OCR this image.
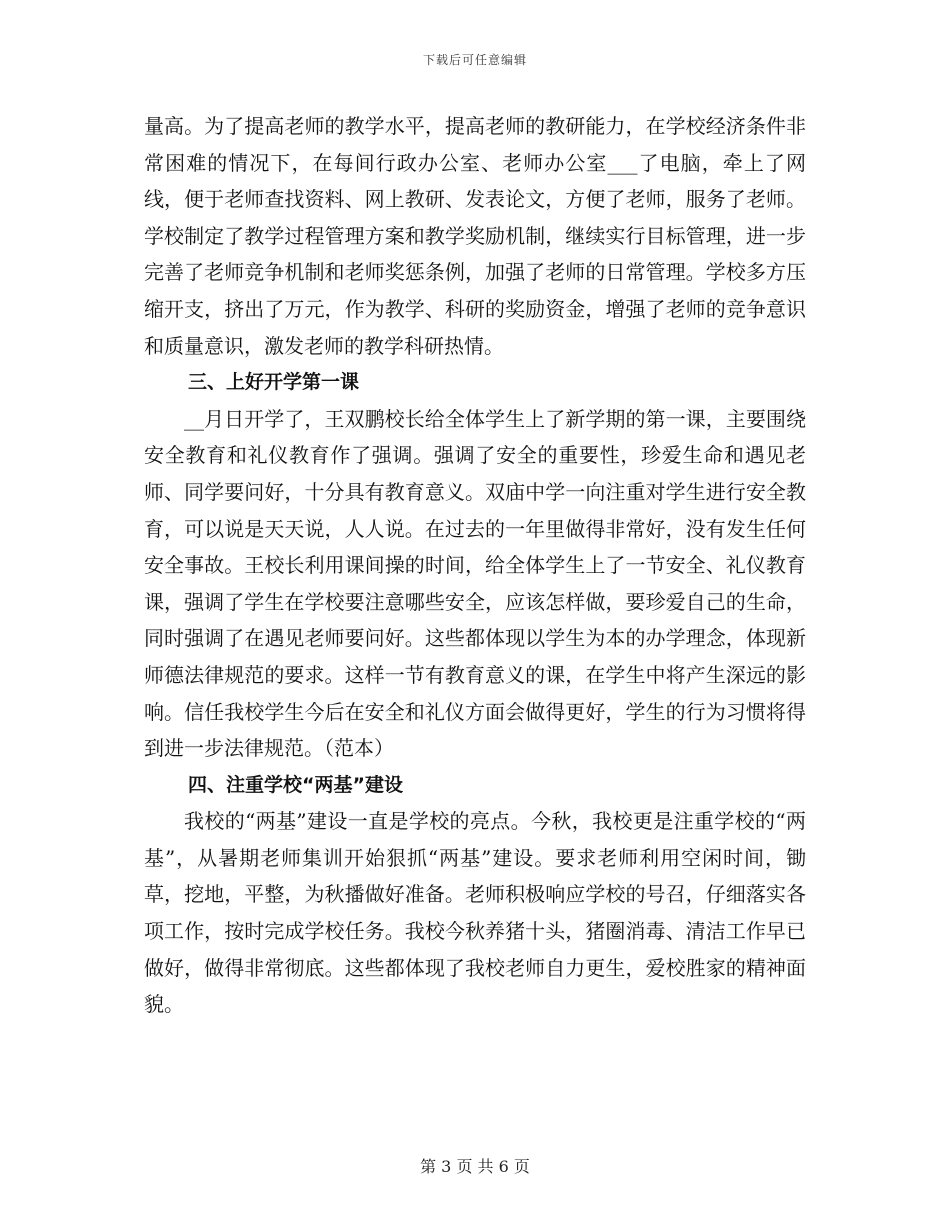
下载后可任意编辑

量高。为了提高老师的教学水平，提高老师的教研能力，在学校经济条件非常困难的情况下，在每间行政办公室、老师办公室___了电脑，牵上了网线，便于老师查找资料、网上教研、发表论文，方便了老师，服务了老师。学校制定了教学过程管理方案和教学奖励机制，继续实行目标管理，进一步完善了老师竞争机制和老师奖惩条例，加强了老师的日常管理。学校多方压缩开支，挤出了万元，作为教学、科研的奖励资金，增强了老师的竞争意识和质量意识，激发老师的教学科研热情。

三、上好开学第一课

__月日开学了，王双鹏校长给全体学生上了新学期的第一课，主要围绕安全教育和礼仪教育作了强调。强调了安全的重要性，珍爱生命和遇见老师、同学要问好，十分具有教育意义。双庙中学一向注重对学生进行安全教育，可以说是天天说，人人说。在过去的一年里做得非常好，没有发生任何安全事故。王校长利用课间操的时间，给全体学生上了一节安全、礼仪教育课，强调了学生在学校要注意哪些安全，应该怎样做，要珍爱自己的生命，同时强调了在遇见老师要问好。这些都体现以学生为本的办学理念，体现新师德法律规范的要求。这样一节有教育意义的课，在学生中将产生深远的影响。信任我校学生今后在安全和礼仪方面会做得更好，学生的行为习惯将得到进一步法律规范。（范本）

四、注重学校“两基”建设

我校的“两基”建设一直是学校的亮点。今秋，我校更是注重学校的“两基”，从暑期老师集训开始狠抓“两基”建设。要求老师利用空闲时间，锄草，挖地，平整，为秋播做好准备。老师积极响应学校的号召，仔细落实各项工作，按时完成学校任务。我校今秋养猪十头，猪圈消毒、清洁工作早已做好，做得非常彻底。这些都体现了我校老师自力更生，爱校胜家的精神面貌。

第 3 页 共 6 页
